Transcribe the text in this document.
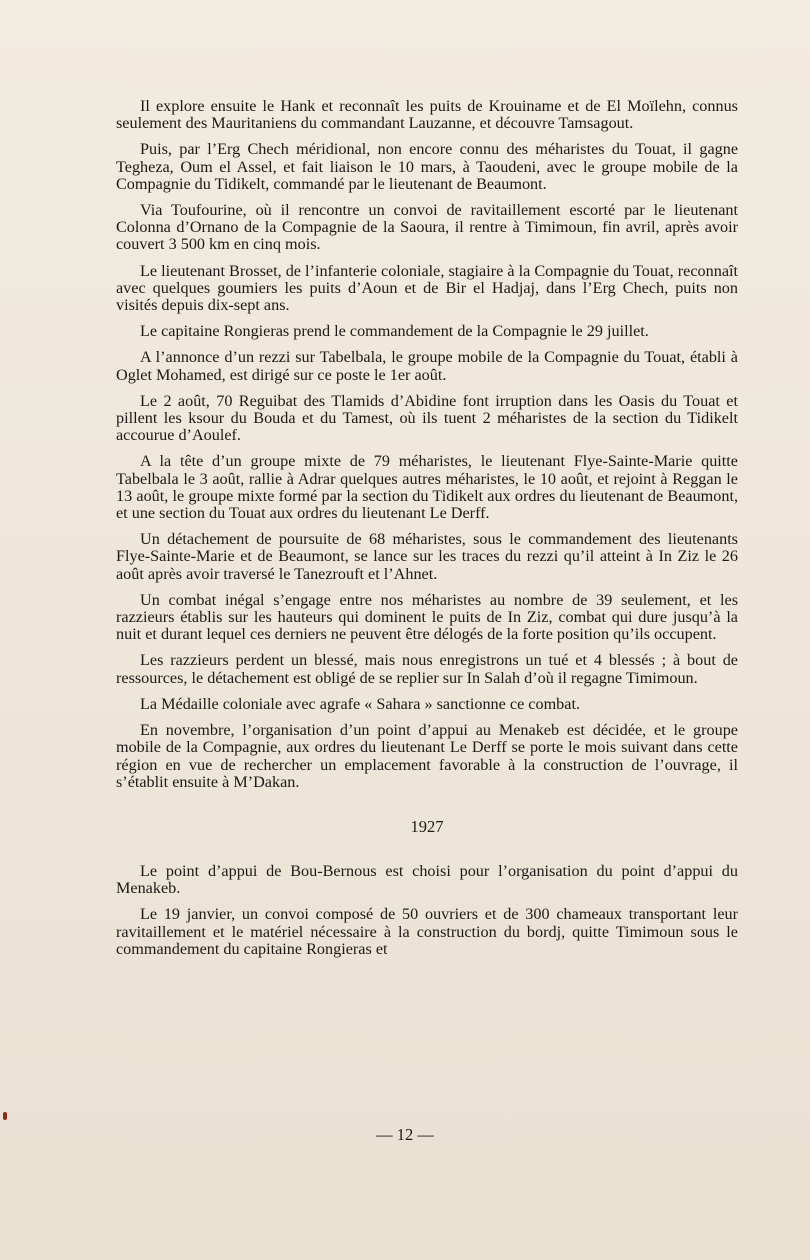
Il explore ensuite le Hank et reconnaît les puits de Krouiname et de El Moïlehn, connus seulement des Mauritaniens du commandant Lauzanne, et découvre Tamsagout.

Puis, par l’Erg Chech méridional, non encore connu des méharistes du Touat, il gagne Tegheza, Oum el Assel, et fait liaison le 10 mars, à Taoudeni, avec le groupe mobile de la Compagnie du Tidikelt, commandé par le lieutenant de Beaumont.

Via Toufourine, où il rencontre un convoi de ravitaillement escorté par le lieutenant Colonna d’Ornano de la Compagnie de la Saoura, il rentre à Timimoun, fin avril, après avoir couvert 3 500 km en cinq mois.

Le lieutenant Brosset, de l’infanterie coloniale, stagiaire à la Compagnie du Touat, reconnaît avec quelques goumiers les puits d’Aoun et de Bir el Hadjaj, dans l’Erg Chech, puits non visités depuis dix-sept ans.

Le capitaine Rongieras prend le commandement de la Compagnie le 29 juillet.

A l’annonce d’un rezzi sur Tabelbala, le groupe mobile de la Compagnie du Touat, établi à Oglet Mohamed, est dirigé sur ce poste le 1er août.

Le 2 août, 70 Reguibat des Tlamids d’Abidine font irruption dans les Oasis du Touat et pillent les ksour du Bouda et du Tamest, où ils tuent 2 méharistes de la section du Tidikelt accourue d’Aoulef.

A la tête d’un groupe mixte de 79 méharistes, le lieutenant Flye-Sainte-Marie quitte Tabelbala le 3 août, rallie à Adrar quelques autres méharistes, le 10 août, et rejoint à Reggan le 13 août, le groupe mixte formé par la section du Tidikelt aux ordres du lieutenant de Beaumont, et une section du Touat aux ordres du lieutenant Le Derff.

Un détachement de poursuite de 68 méharistes, sous le commandement des lieutenants Flye-Sainte-Marie et de Beaumont, se lance sur les traces du rezzi qu’il atteint à In Ziz le 26 août après avoir traversé le Tanezrouft et l’Ahnet.

Un combat inégal s’engage entre nos méharistes au nombre de 39 seulement, et les razzieurs établis sur les hauteurs qui dominent le puits de In Ziz, combat qui dure jusqu’à la nuit et durant lequel ces derniers ne peuvent être délogés de la forte position qu’ils occupent.

Les razzieurs perdent un blessé, mais nous enregistrons un tué et 4 blessés ; à bout de ressources, le détachement est obligé de se replier sur In Salah d’où il regagne Timimoun.

La Médaille coloniale avec agrafe « Sahara » sanctionne ce combat.

En novembre, l’organisation d’un point d’appui au Menakeb est décidée, et le groupe mobile de la Compagnie, aux ordres du lieutenant Le Derff se porte le mois suivant dans cette région en vue de rechercher un emplacement favorable à la construction de l’ouvrage, il s’établit ensuite à M’Dakan.

1927

Le point d’appui de Bou-Bernous est choisi pour l’organisation du point d’appui du Menakeb.

Le 19 janvier, un convoi composé de 50 ouvriers et de 300 chameaux transportant leur ravitaillement et le matériel nécessaire à la construction du bordj, quitte Timimoun sous le commandement du capitaine Rongieras et

— 12 —
